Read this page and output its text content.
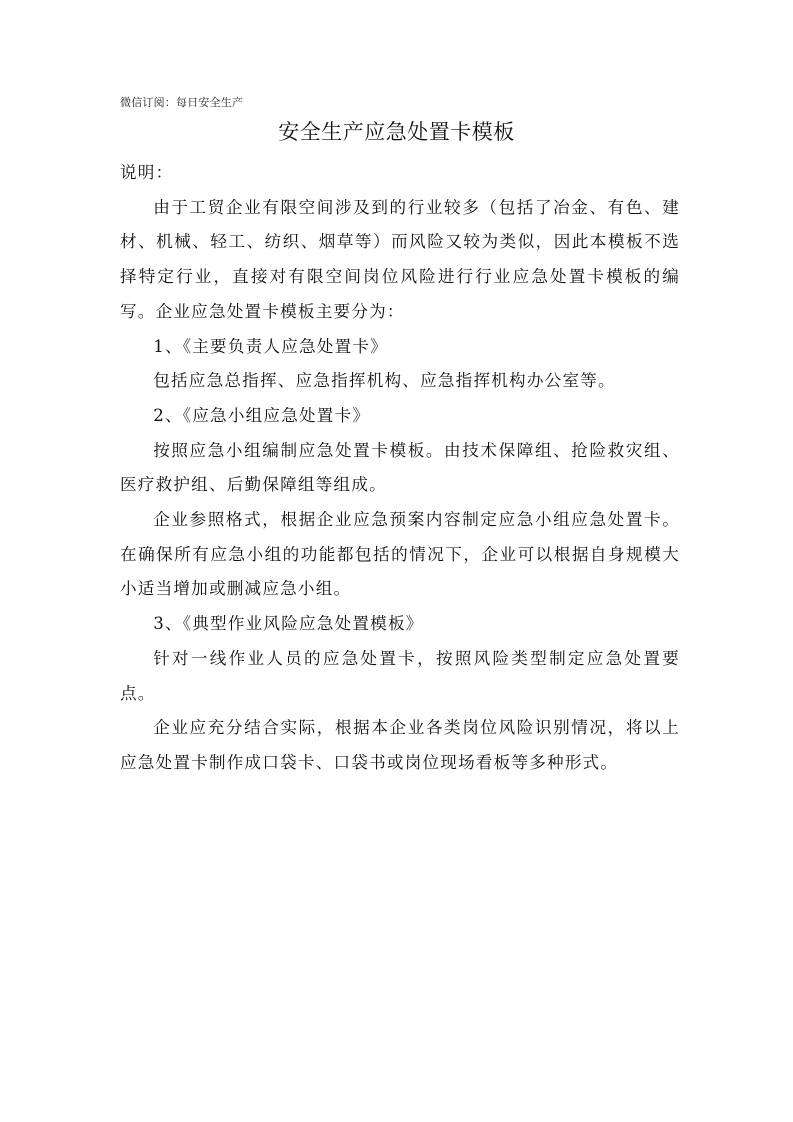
微信订阅：每日安全生产
安全生产应急处置卡模板

说明：

由于工贸企业有限空间涉及到的行业较多（包括了冶金、有色、建材、机械、轻工、纺织、烟草等）而风险又较为类似，因此本模板不选择特定行业，直接对有限空间岗位风险进行行业应急处置卡模板的编写。企业应急处置卡模板主要分为：

1、《主要负责人应急处置卡》

包括应急总指挥、应急指挥机构、应急指挥机构办公室等。

2、《应急小组应急处置卡》

按照应急小组编制应急处置卡模板。由技术保障组、抢险救灾组、医疗救护组、后勤保障组等组成。

企业参照格式，根据企业应急预案内容制定应急小组应急处置卡。在确保所有应急小组的功能都包括的情况下，企业可以根据自身规模大小适当增加或删减应急小组。

3、《典型作业风险应急处置模板》

针对一线作业人员的应急处置卡，按照风险类型制定应急处置要点。

企业应充分结合实际，根据本企业各类岗位风险识别情况，将以上应急处置卡制作成口袋卡、口袋书或岗位现场看板等多种形式。
